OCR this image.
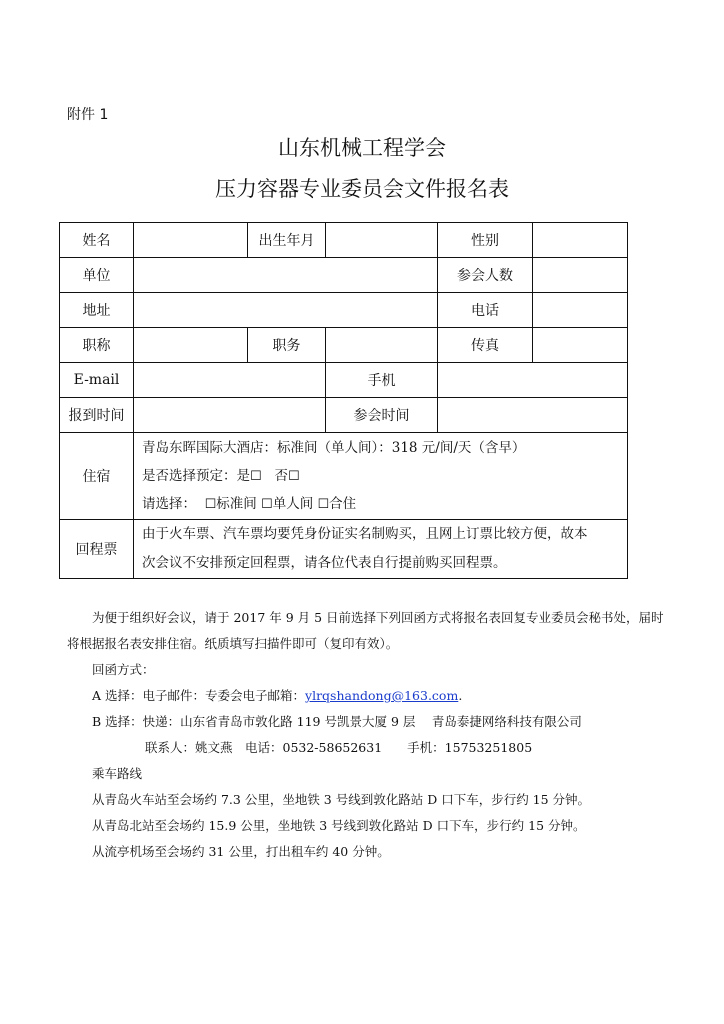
附件 1
山东机械工程学会
压力容器专业委员会文件报名表
姓名		出生年月		性别	
单位				参会人数	
地址				电话	
职称		职务		传真	
E-mail			手机		
报到时间			参会时间		
住宿	青岛东晖国际大酒店：标准间（单人间）：318 元/间/天（含早）
是否选择预定：是☐ 否☐
请选择： ☐标准间 ☐单人间 ☐合住				

回程票	由于火车票、汽车票均要凭身份证实名制购买，且网上订票比较方便，故本
次会议不安排预定回程票，请各位代表自行提前购买回程票。				
为便于组织好会议，请于 2017 年 9 月 5 日前选择下列回函方式将报名表回复专业委员会秘书处，届时
将根据报名表安排住宿。纸质填写扫描件即可（复印有效）。
回函方式：
A 选择：电子邮件：专委会电子邮箱：ylrqshandong@163.com.
B 选择：快递：山东省青岛市敦化路 119 号凯景大厦 9 层　 青岛泰捷网络科技有限公司
联系人：姚文燕　电话：0532-58652631　　手机：15753251805
乘车路线
从青岛火车站至会场约 7.3 公里，坐地铁 3 号线到敦化路站 D 口下车，步行约 15 分钟。
从青岛北站至会场约 15.9 公里，坐地铁 3 号线到敦化路站 D 口下车，步行约 15 分钟。
从流亭机场至会场约 31 公里，打出租车约 40 分钟。
